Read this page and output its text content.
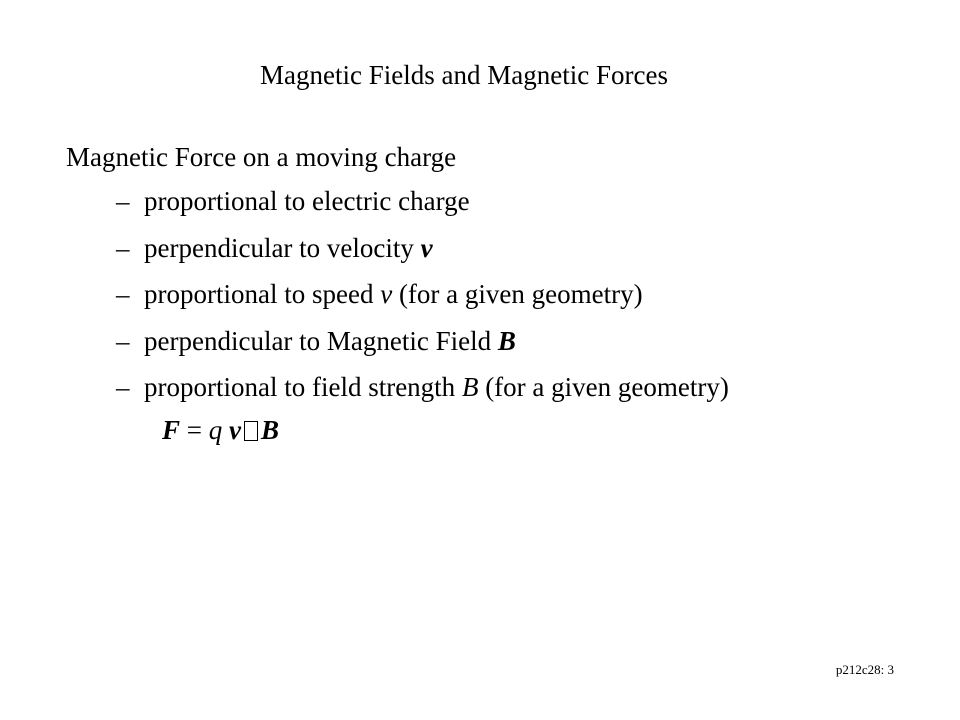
Magnetic Fields and Magnetic Forces
Magnetic Force on a moving charge
– proportional to electric charge
– perpendicular to velocity v
– proportional to speed v (for a given geometry)
– perpendicular to Magnetic Field B
– proportional to field strength B (for a given geometry)
F = q v B
p212c28: 3
